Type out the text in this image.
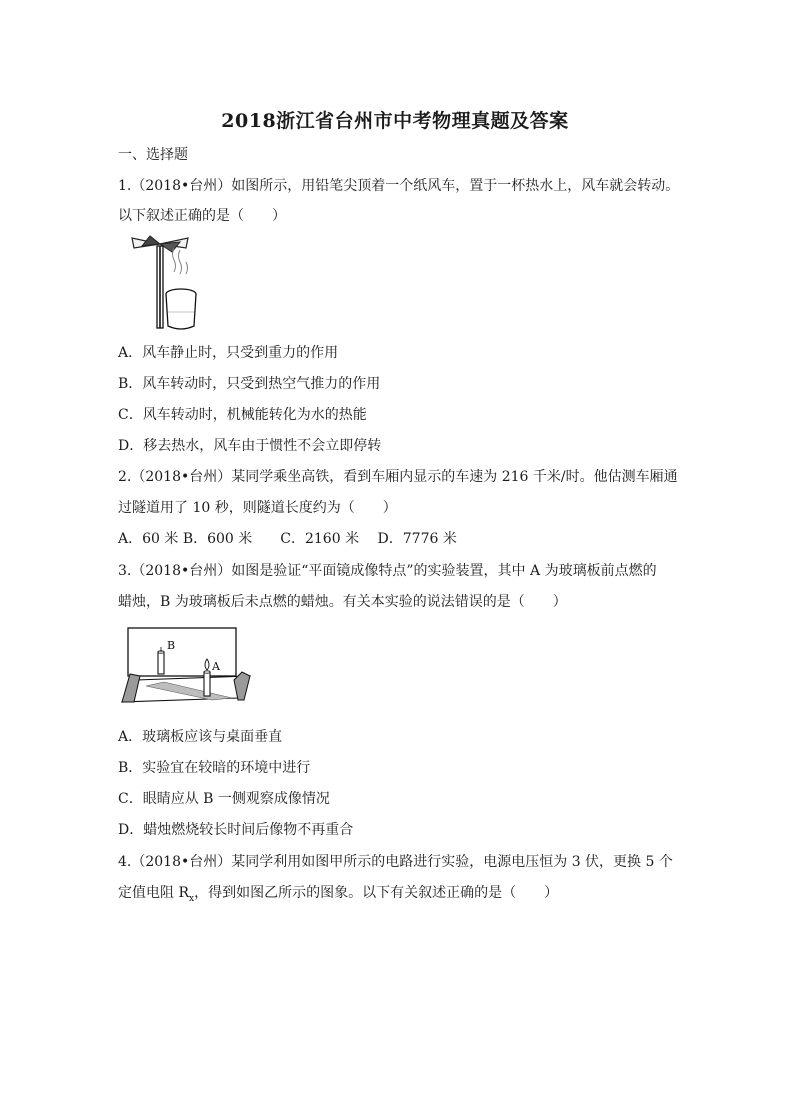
2018浙江省台州市中考物理真题及答案
一、选择题
1.（2018•台州）如图所示，用铅笔尖顶着一个纸风车，置于一杯热水上，风车就会转动。
以下叙述正确的是（　　）
A．风车静止时，只受到重力的作用
B．风车转动时，只受到热空气推力的作用
C．风车转动时，机械能转化为水的热能
D．移去热水，风车由于惯性不会立即停转
2.（2018•台州）某同学乘坐高铁，看到车厢内显示的车速为 216 千米/时。他估测车厢通
过隧道用了 10 秒，则隧道长度约为（　　）
A．60 米 B．600 米　　C．2160 米　 D．7776 米
3.（2018•台州）如图是验证“平面镜成像特点”的实验装置，其中 A 为玻璃板前点燃的
蜡烛，B 为玻璃板后未点燃的蜡烛。有关本实验的说法错误的是（　　）
B
A
A．玻璃板应该与桌面垂直
B．实验宜在较暗的环境中进行
C．眼睛应从 B 一侧观察成像情况
D．蜡烛燃烧较长时间后像物不再重合
4.（2018•台州）某同学利用如图甲所示的电路进行实验，电源电压恒为 3 伏，更换 5 个
定值电阻 $R_x$，得到如图乙所示的图象。以下有关叙述正确的是（　　）
